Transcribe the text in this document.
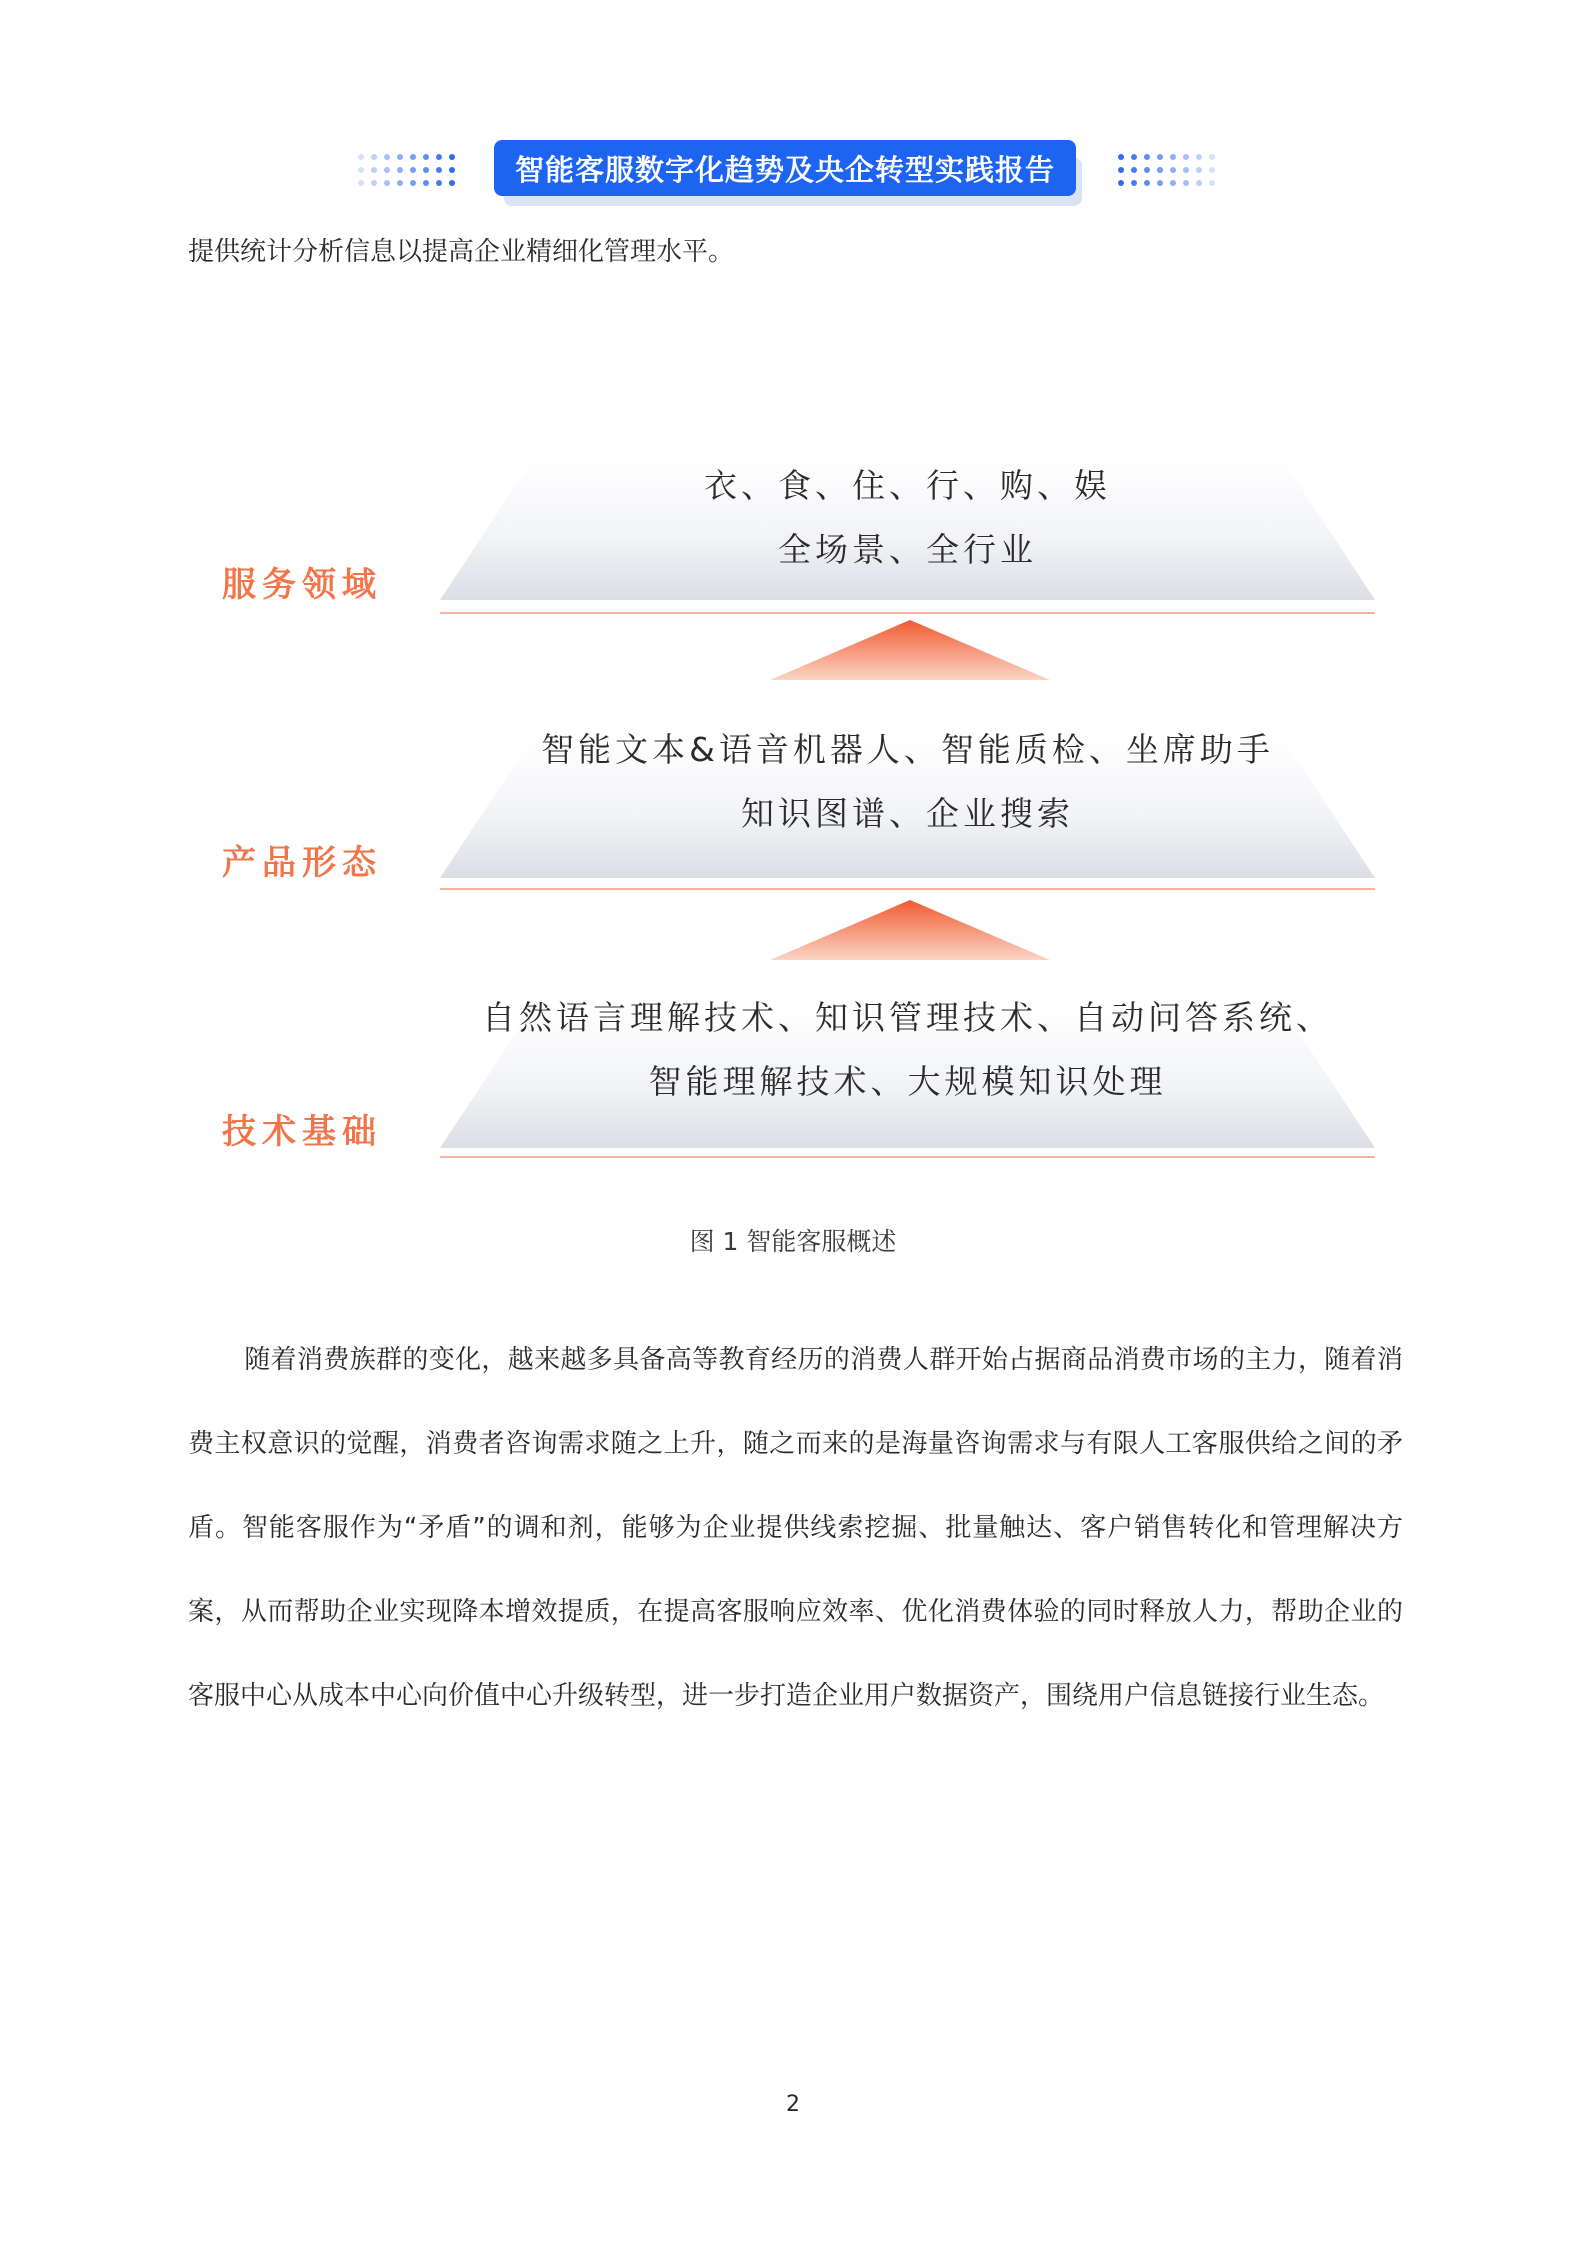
智能客服数字化趋势及央企转型实践报告

提供统计分析信息以提高企业精细化管理水平。

衣、食、住、行、购、娱
全场景、全行业
服务领域
智能文本&语音机器人、智能质检、坐席助手
知识图谱、企业搜索
产品形态
自然语言理解技术、知识管理技术、自动问答系统、
智能理解技术、大规模知识处理
技术基础
图 1 智能客服概述

随着消费族群的变化，越来越多具备高等教育经历的消费人群开始占据商品消费市场的主力，随着消费主权意识的觉醒，消费者咨询需求随之上升，随之而来的是海量咨询需求与有限人工客服供给之间的矛盾。智能客服作为“矛盾”的调和剂，能够为企业提供线索挖掘、批量触达、客户销售转化和管理解决方案，从而帮助企业实现降本增效提质，在提高客服响应效率、优化消费体验的同时释放人力，帮助企业的客服中心从成本中心向价值中心升级转型，进一步打造企业用户数据资产，围绕用户信息链接行业生态。

2
